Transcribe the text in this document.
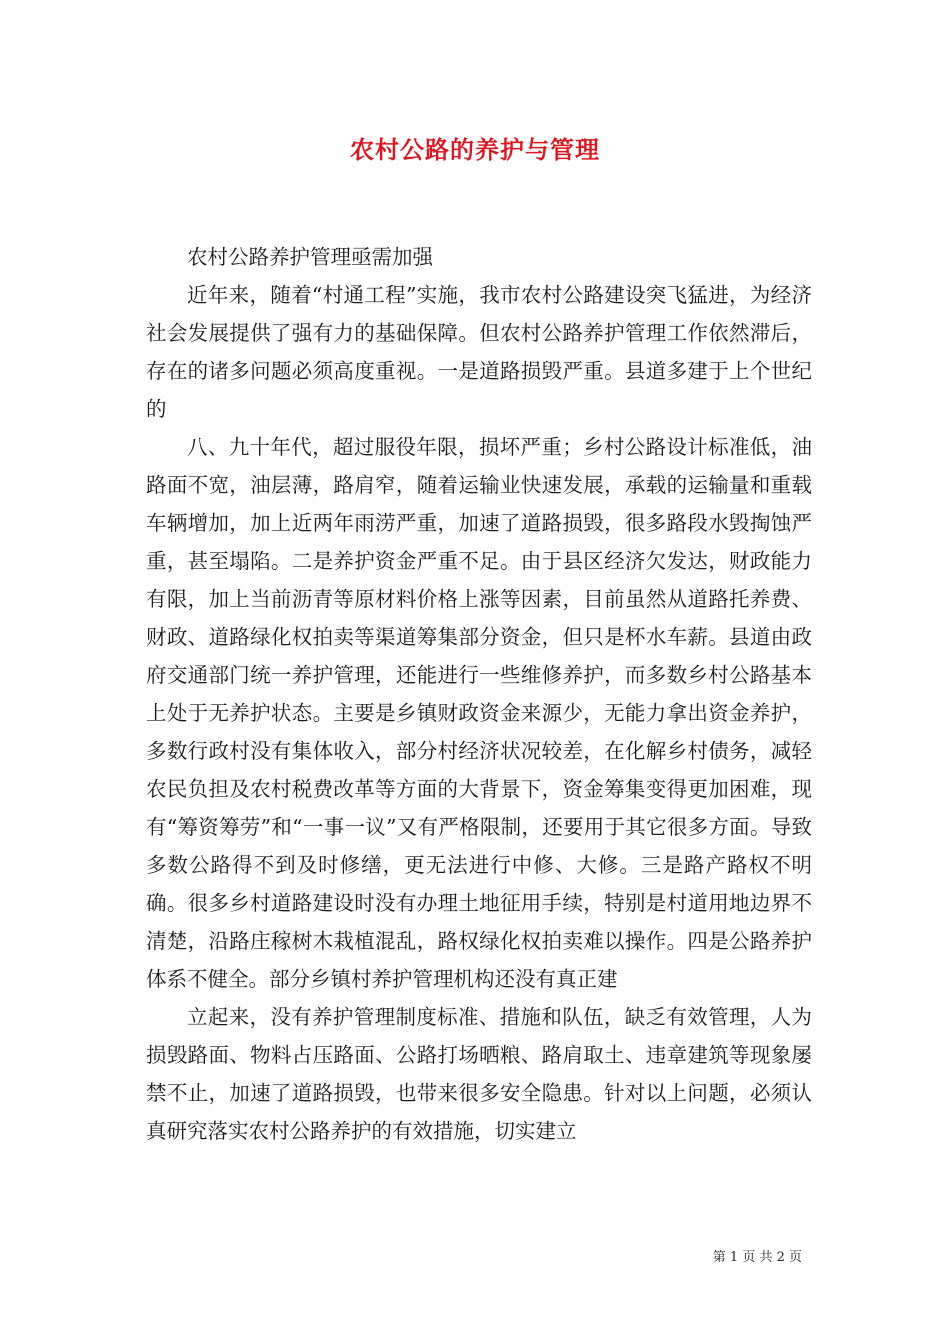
农村公路的养护与管理

农村公路养护管理亟需加强

近年来，随着“村通工程”实施，我市农村公路建设突飞猛进，为经济社会发展提供了强有力的基础保障。但农村公路养护管理工作依然滞后，存在的诸多问题必须高度重视。一是道路损毁严重。县道多建于上个世纪的

八、九十年代，超过服役年限，损坏严重；乡村公路设计标准低，油路面不宽，油层薄，路肩窄，随着运输业快速发展，承载的运输量和重载车辆增加，加上近两年雨涝严重，加速了道路损毁，很多路段水毁掏蚀严重，甚至塌陷。二是养护资金严重不足。由于县区经济欠发达，财政能力有限，加上当前沥青等原材料价格上涨等因素，目前虽然从道路托养费、财政、道路绿化权拍卖等渠道筹集部分资金，但只是杯水车薪。县道由政府交通部门统一养护管理，还能进行一些维修养护，而多数乡村公路基本上处于无养护状态。主要是乡镇财政资金来源少，无能力拿出资金养护，多数行政村没有集体收入，部分村经济状况较差，在化解乡村债务，减轻农民负担及农村税费改革等方面的大背景下，资金筹集变得更加困难，现有“筹资筹劳”和“一事一议”又有严格限制，还要用于其它很多方面。导致多数公路得不到及时修缮，更无法进行中修、大修。三是路产路权不明确。很多乡村道路建设时没有办理土地征用手续，特别是村道用地边界不清楚，沿路庄稼树木栽植混乱，路权绿化权拍卖难以操作。四是公路养护体系不健全。部分乡镇村养护管理机构还没有真正建

立起来，没有养护管理制度标准、措施和队伍，缺乏有效管理，人为损毁路面、物料占压路面、公路打场晒粮、路肩取土、违章建筑等现象屡禁不止，加速了道路损毁，也带来很多安全隐患。针对以上问题，必须认真研究落实农村公路养护的有效措施，切实建立

第 1 页 共 2 页
